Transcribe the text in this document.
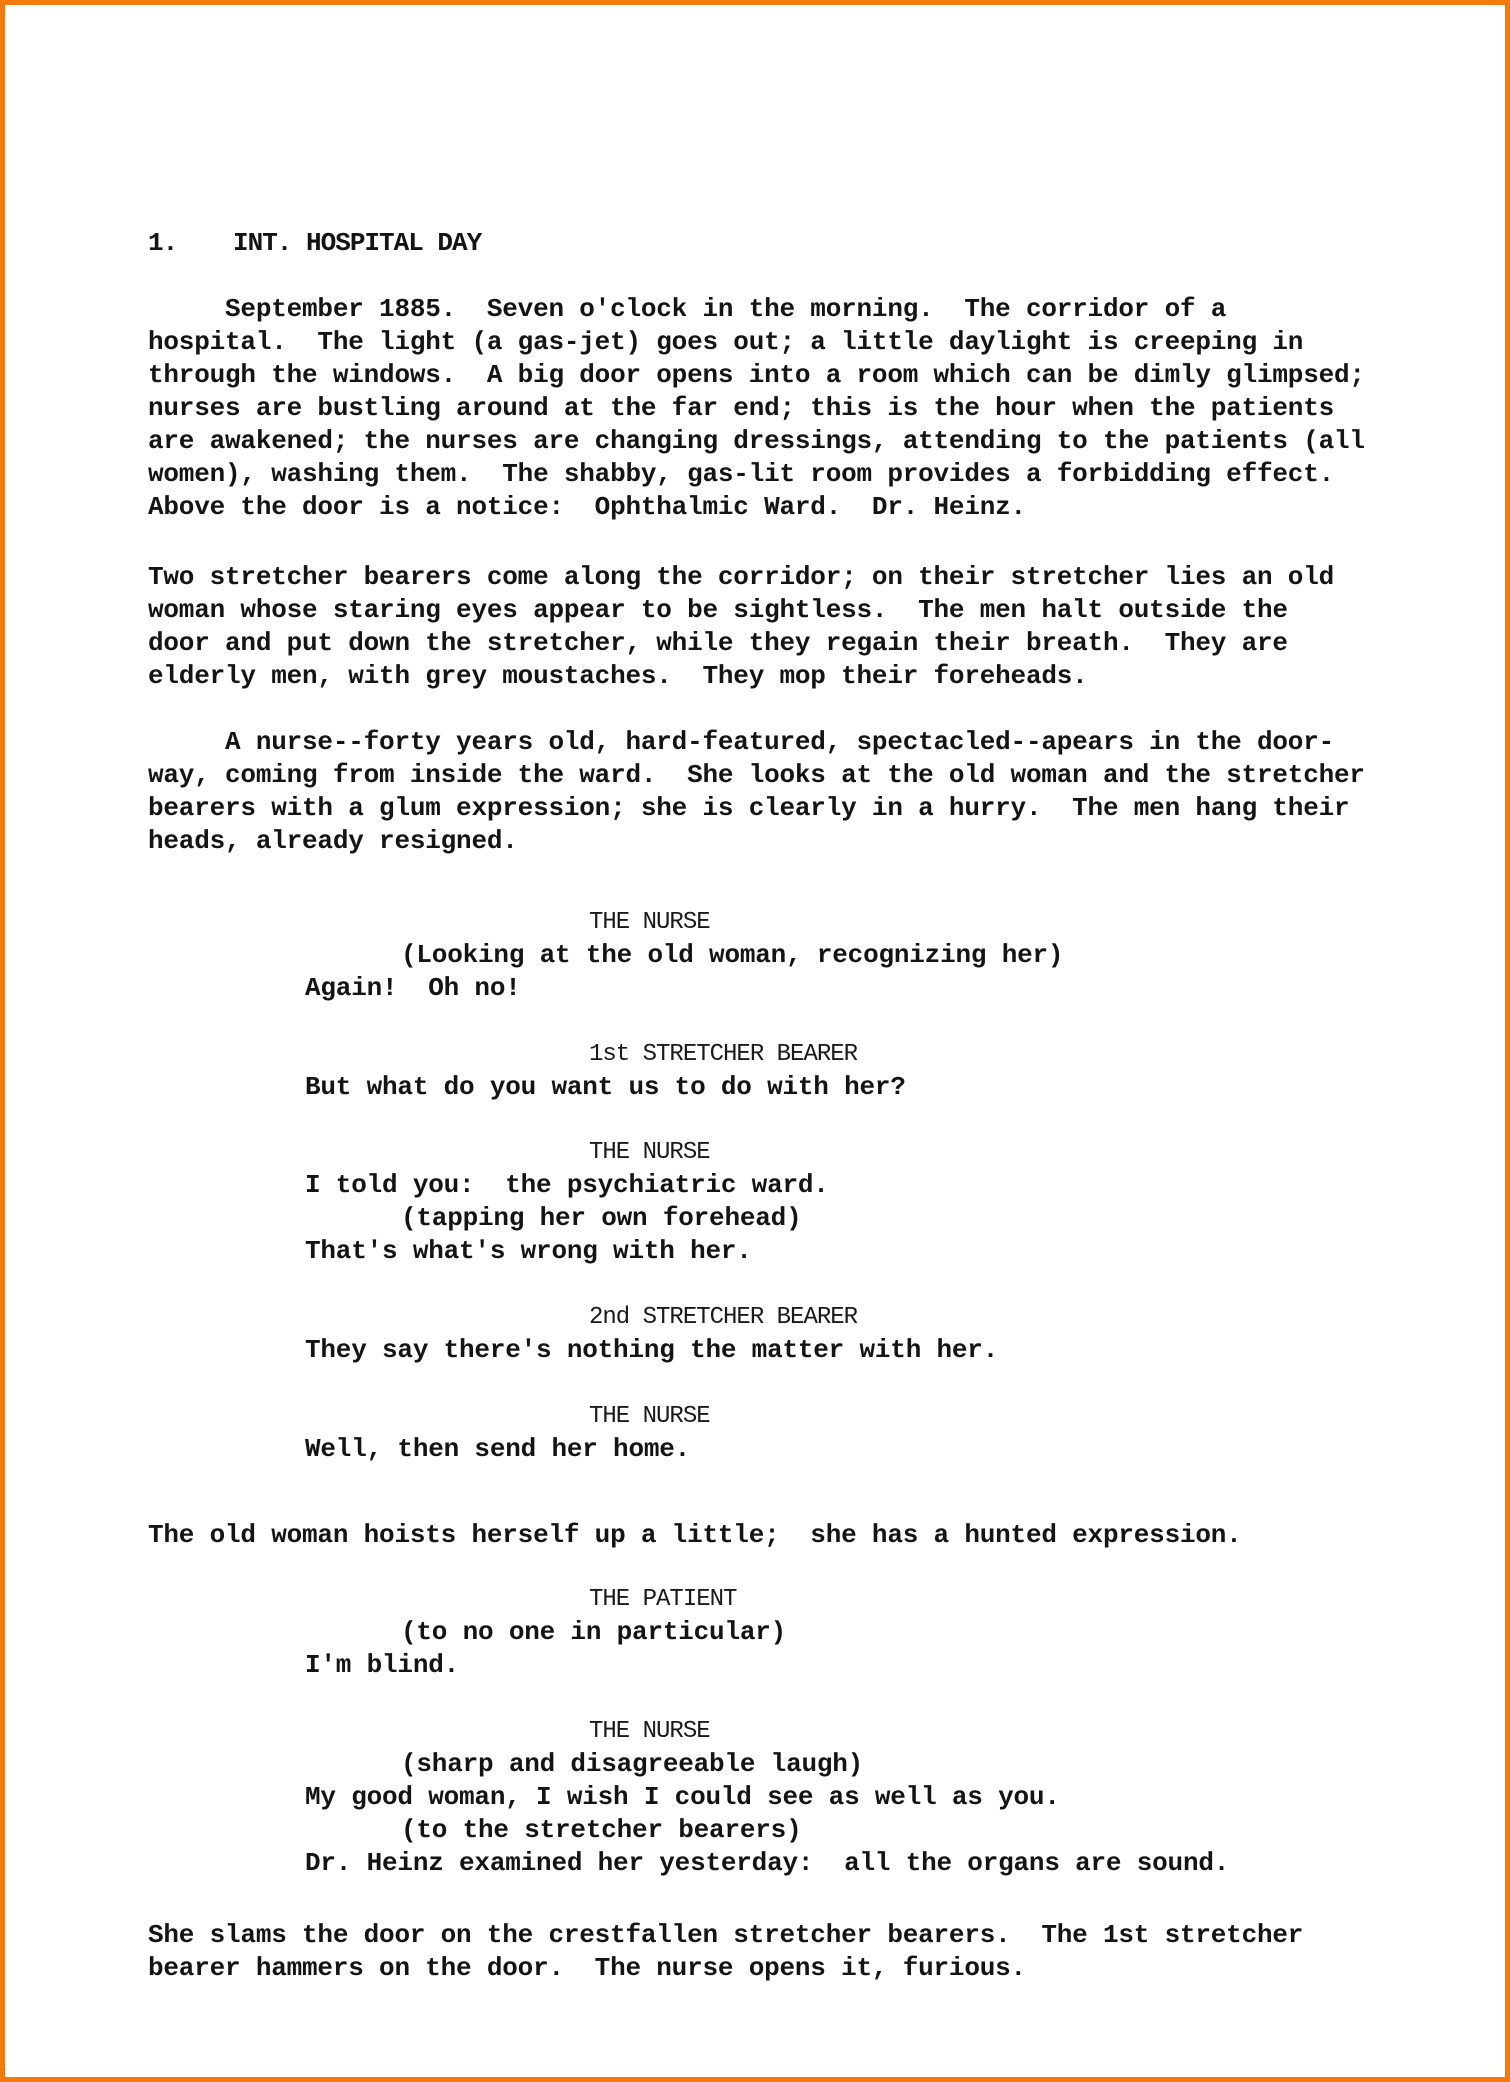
1. INT. HOSPITAL DAY
September 1885.  Seven o'clock in the morning.  The corridor of a
hospital.  The light (a gas-jet) goes out; a little daylight is creeping in
through the windows.  A big door opens into a room which can be dimly glimpsed;
nurses are bustling around at the far end; this is the hour when the patients
are awakened; the nurses are changing dressings, attending to the patients (all
women), washing them.  The shabby, gas-lit room provides a forbidding effect.
Above the door is a notice:  Ophthalmic Ward.  Dr. Heinz.
Two stretcher bearers come along the corridor; on their stretcher lies an old
woman whose staring eyes appear to be sightless.  The men halt outside the
door and put down the stretcher, while they regain their breath.  They are
elderly men, with grey moustaches.  They mop their foreheads.
A nurse--forty years old, hard-featured, spectacled--apears in the door-
way, coming from inside the ward.  She looks at the old woman and the stretcher
bearers with a glum expression; she is clearly in a hurry.  The men hang their
heads, already resigned.
THE NURSE
(Looking at the old woman, recognizing her)
Again!  Oh no!
1st STRETCHER BEARER
But what do you want us to do with her?
THE NURSE
I told you:  the psychiatric ward.
(tapping her own forehead)
That's what's wrong with her.
2nd STRETCHER BEARER
They say there's nothing the matter with her.
THE NURSE
Well, then send her home.
The old woman hoists herself up a little;  she has a hunted expression.
THE PATIENT
(to no one in particular)
I'm blind.
THE NURSE
(sharp and disagreeable laugh)
My good woman, I wish I could see as well as you.
(to the stretcher bearers)
Dr. Heinz examined her yesterday:  all the organs are sound.
She slams the door on the crestfallen stretcher bearers.  The 1st stretcher
bearer hammers on the door.  The nurse opens it, furious.
